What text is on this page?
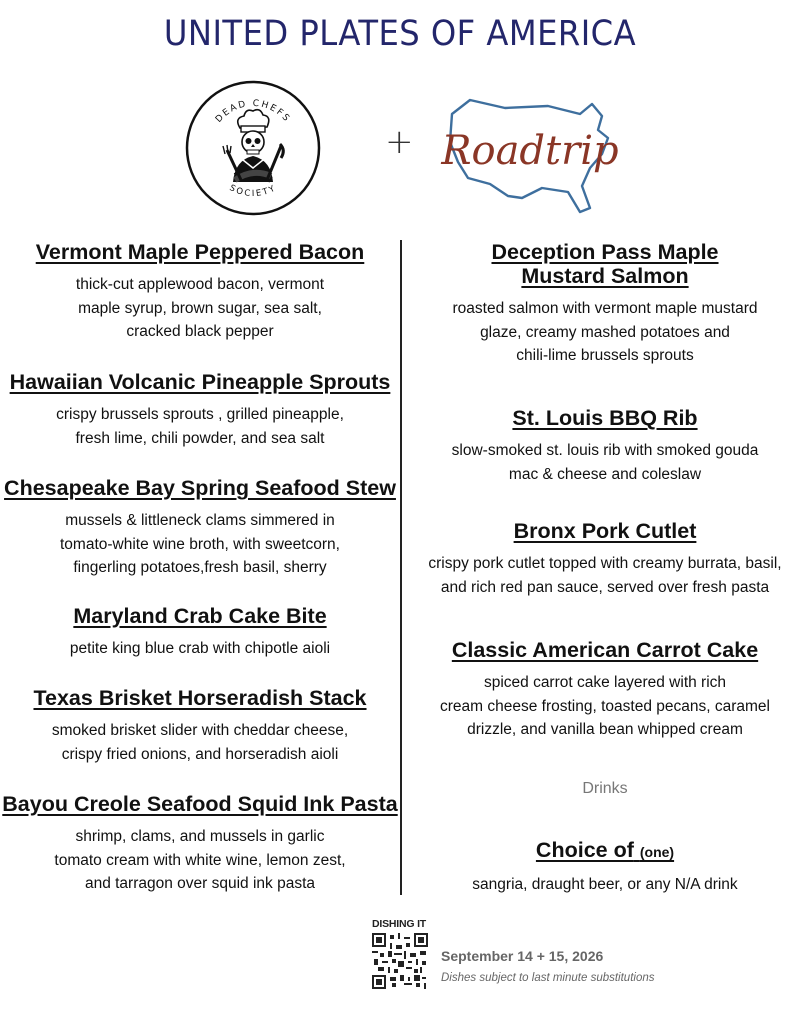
UNITED PLATES OF AMERICA
DEAD CHEFS
SOCIETY
+ Roadtrip
Vermont Maple Peppered Bacon
thick-cut applewood bacon, vermont
maple syrup, brown sugar, sea salt,
cracked black pepper
Hawaiian Volcanic Pineapple Sprouts
crispy brussels sprouts , grilled pineapple,
fresh lime, chili powder, and sea salt
Chesapeake Bay Spring Seafood Stew
mussels & littleneck clams simmered in
tomato-white wine broth, with sweetcorn,
fingerling potatoes,fresh basil, sherry
Maryland Crab Cake Bite
petite king blue crab with chipotle aioli
Texas Brisket Horseradish Stack
smoked brisket slider with cheddar cheese,
crispy fried onions, and horseradish aioli
Bayou Creole Seafood Squid Ink Pasta
shrimp, clams, and mussels in garlic
tomato cream with white wine, lemon zest,
and tarragon over squid ink pasta
Deception Pass Maple
Mustard Salmon
roasted salmon with vermont maple mustard
glaze, creamy mashed potatoes and
chili-lime brussels sprouts
St. Louis BBQ Rib
slow-smoked st. louis rib with smoked gouda
mac & cheese and coleslaw
Bronx Pork Cutlet
crispy pork cutlet topped with creamy burrata, basil,
and rich red pan sauce, served over fresh pasta
Classic American Carrot Cake
spiced carrot cake layered with rich
cream cheese frosting, toasted pecans, caramel
drizzle, and vanilla bean whipped cream
Drinks
Choice of (one)
sangria, draught beer, or any N/A drink
DISHING IT
September 14 + 15, 2026
Dishes subject to last minute substitutions
